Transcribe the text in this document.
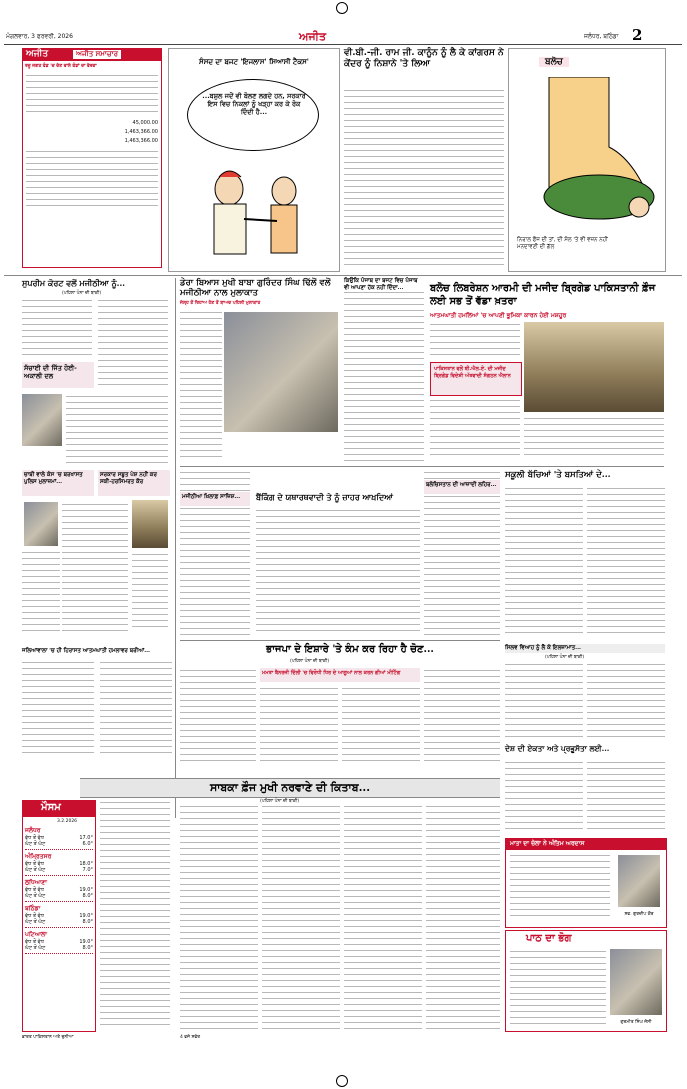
ਮੰਗਲਵਾਰ, 3 ਫਰਵਰੀ, 2026	ਅਜੀਤ	ਜਲੰਧਰ, ਬਠਿੰਡਾ 2
ਅਜੀਤ	ਅਜੀਤ ਸਮਾਚਾਰ
ਰਜ਼ੂ ਜਗਤ ਫੰਡ 'ਚ ਦੇਣ ਵਾਲੇ ਫੰਡਾਂ ਦਾ ਵੇਰਵਾ
45,000.00
1,463,366.00
1,463,366.00
ਸੰਸਦ ਦਾ ਬਜਟ 'ਇਜਲਾਸ' ਸਿਆਸੀ ਟੈਕਸ'
...ਬਸ਼ੁਲ ਜਦੋਂ ਵੀ ਬੋਲਣ ਲਗਦੇ ਹਨ, ਸਰਕਾਰ ਇਸ ਵਿਚ ਨਿਕਲਾਂ ਨੂੰ ਖੜ੍ਹਾ ਕਰ ਕੇ ਰੋਕ ਦਿੰਦੀ ਹੈ...
ਵੀ.ਬੀ.-ਜੀ. ਰਾਮ ਜੀ. ਕਾਨੂੰਨ ਨੂੰ ਲੈ ਕੇ ਕਾਂਗਰਸ ਨੇ ਕੇਂਦਰ ਨੂੰ ਨਿਸ਼ਾਨੇ 'ਤੇ ਲਿਆ	ਬਲੋਚ
ਨਿਰਾਲ ਫੌਜ ਦੀ ਤਾਂ, ਦੀ ਸੋਲ 'ਤੇ ਵੀ ਵਜ਼ਨ ਨਹੀਂ ਮਨਦਾਵਣੀ ਦੀ ਗੱਲ
ਸੁਪਰੀਮ ਕੋਰਟ ਵਲੋਂ ਮਜੀਠੀਆ ਨੂੰ...
(ਪਹਿਲਾ ਪੰਨਾ ਦੀ ਬਾਕੀ)
ਸੱਚਾਈ ਦੀ ਜਿੱਤ ਹੋਈ-ਅਕਾਲੀ ਦਲ
ਚਾਬੀ ਵਾਲੇ ਕੇਸ 'ਚ ਬਰਖਾਸਤ ਪੁਲਿਸ ਮੁਲਾਜ਼ਮਾਂ...
ਸਰਕਾਰ ਸਬੂਤ ਪੇਸ਼ ਨਹੀਂ ਕਰ ਸਕੀ-ਹਰਸਿਮਰਤ ਕੌਰ
ਡੇਰਾ ਬਿਆਸ ਮੁਖੀ ਬਾਬਾ ਗੁਰਿੰਦਰ ਸਿੰਘ ਢਿੱਲੋਂ ਵਲੋਂ ਮਜੀਠੀਆ ਨਾਲ ਮੁਲਾਕਾਤ
ਜੇਲ੍ਹ ਤੋਂ ਰਿਹਾਅ ਹੋਣ ਤੋਂ ਬਾਅਦ ਪਹਿਲੀ ਮੁਲਾਕਾਤ
ਕਿਉਂਕਿ ਪੰਜਾਬ ਦਾ ਬਜਟ ਵਿਚ ਪੰਜਾਬ ਵੀ ਆਪਣਾ ਹੱਕ ਨਹੀਂ ਦਿੰਦਾ...	ਬਲੋਚ ਲਿਬਰੇਸ਼ਨ ਆਰਮੀ ਦੀ ਮਜੀਦ ਬ੍ਰਿਗੇਡ ਪਾਕਿਸਤਾਨੀ ਫ਼ੌਜ ਲਈ ਸਭ ਤੋਂ ਵੱਡਾ ਖ਼ਤਰਾ
ਆਤਮਘਾਤੀ ਹਮਲਿਆਂ 'ਚ ਆਪਣੀ ਭੂਮਿਕਾ ਕਾਰਨ ਹੋਈ ਮਸ਼ਹੂਰ
ਪਾਕਿਸਤਾਨ ਵਲੋਂ ਬੀ.ਐਲ.ਏ. ਦੀ ਮਜੀਦ ਬ੍ਰਿਗੇਡ ਵਿਦੇਸ਼ੀ ਅੱਤਵਾਦੀ ਸੰਗਠਨ ਐਲਾਨ
ਸਕੂਲੀ ਬੱਚਿਆਂ 'ਤੇ ਬਸਤਿਆਂ ਦੇ...
ਮਜੀਠੀਆ ਖ਼ਿਲਾਫ਼ ਸਾਜ਼ਿਸ਼...	ਬੈਂਕਿੰਗ ਦੇ ਯਥਾਰਥਵਾਦੀ ਤੇ ਨੂੰ ਜ਼ਾਹਰ ਆਖ਼ਦਿਆਂ
ਬਲੋਚਿਸਤਾਨ ਦੀ ਆਜ਼ਾਦੀ ਲਹਿਰ...
ਭਾਜਪਾ ਦੇ ਇਸ਼ਾਰੇ 'ਤੇ ਕੰਮ ਕਰ ਰਿਹਾ ਹੈ ਚੋਣ...
(ਪਹਿਲਾ ਪੰਨਾ ਦੀ ਬਾਕੀ)
ਸਿਲਵ ਵਿਆਹ ਨੂੰ ਲੈ ਕੇ ਇਲਜ਼ਾਮਾਤ...
(ਪਹਿਲਾ ਪੰਨਾ ਦੀ ਬਾਕੀ)
ਦੇਸ਼ ਦੀ ਏਕਤਾ ਅਤੇ ਪ੍ਰਭੂਸੱਤਾ ਲਈ...
ਜਲਿਆਂਵਾਲਾ 'ਚ ਹੀ ਹਿਰਾਸਤ ਆਤਮਘਾਤੀ ਹਮਲਾਵਰ ਬਰੀਆਂ...
ਮਮਤਾ ਬੈਨਰਜੀ ਦਿੱਲੀ 'ਚ ਵਿਰੋਧੀ ਧਿਰ ਦੇ ਆਗੂਆਂ ਨਾਲ ਕਰਨ ਗੀਆਂ ਮੀਟਿੰਗ
ਸਾਬਕਾ ਫ਼ੌਜ ਮੁਖੀ ਨਰਵਾਣੇ ਦੀ ਕਿਤਾਬ...
(ਪਹਿਲਾ ਪੰਨਾ ਦੀ ਬਾਕੀ)
ਮੌਸਮ
3.2.2026
ਜਲੰਧਰ
ਵੱਧ ਤੋਂ ਵੱਧ	17.0°
ਘੱਟ ਤੋਂ ਘੱਟ	6.0°
ਅੰਮ੍ਰਿਤਸਰ
ਵੱਧ ਤੋਂ ਵੱਧ	18.0°
ਘੱਟ ਤੋਂ ਘੱਟ	7.0°
ਲੁਧਿਆਣਾ
ਵੱਧ ਤੋਂ ਵੱਧ	19.0°
ਘੱਟ ਤੋਂ ਘੱਟ	8.0°
ਬਠਿੰਡਾ
ਵੱਧ ਤੋਂ ਵੱਧ	19.0°
ਘੱਟ ਤੋਂ ਘੱਟ	8.0°
ਪਟਿਆਲਾ
ਵੱਧ ਤੋਂ ਵੱਧ	19.0°
ਘੱਟ ਤੋਂ ਘੱਟ	8.0°
ਮਾਤਾ ਦਾ ਚੋਲਾ ਨੇ ਅੰਤਿਮ ਅਰਦਾਸ
ਸਵ. ਗੁਰਦੀਪ ਕੌਰ
ਪਾਠ ਦਾ ਭੋਗ
ਗੁਰਮੀਤ ਸਿੰਘ ਜੱਸੀ
ਭਾਰਤ ਪਾਕਿਸਤਾਨ ਅਤੇ ਦੁਨੀਆ	4 ਵਜੇ ਸਵੇਰ
